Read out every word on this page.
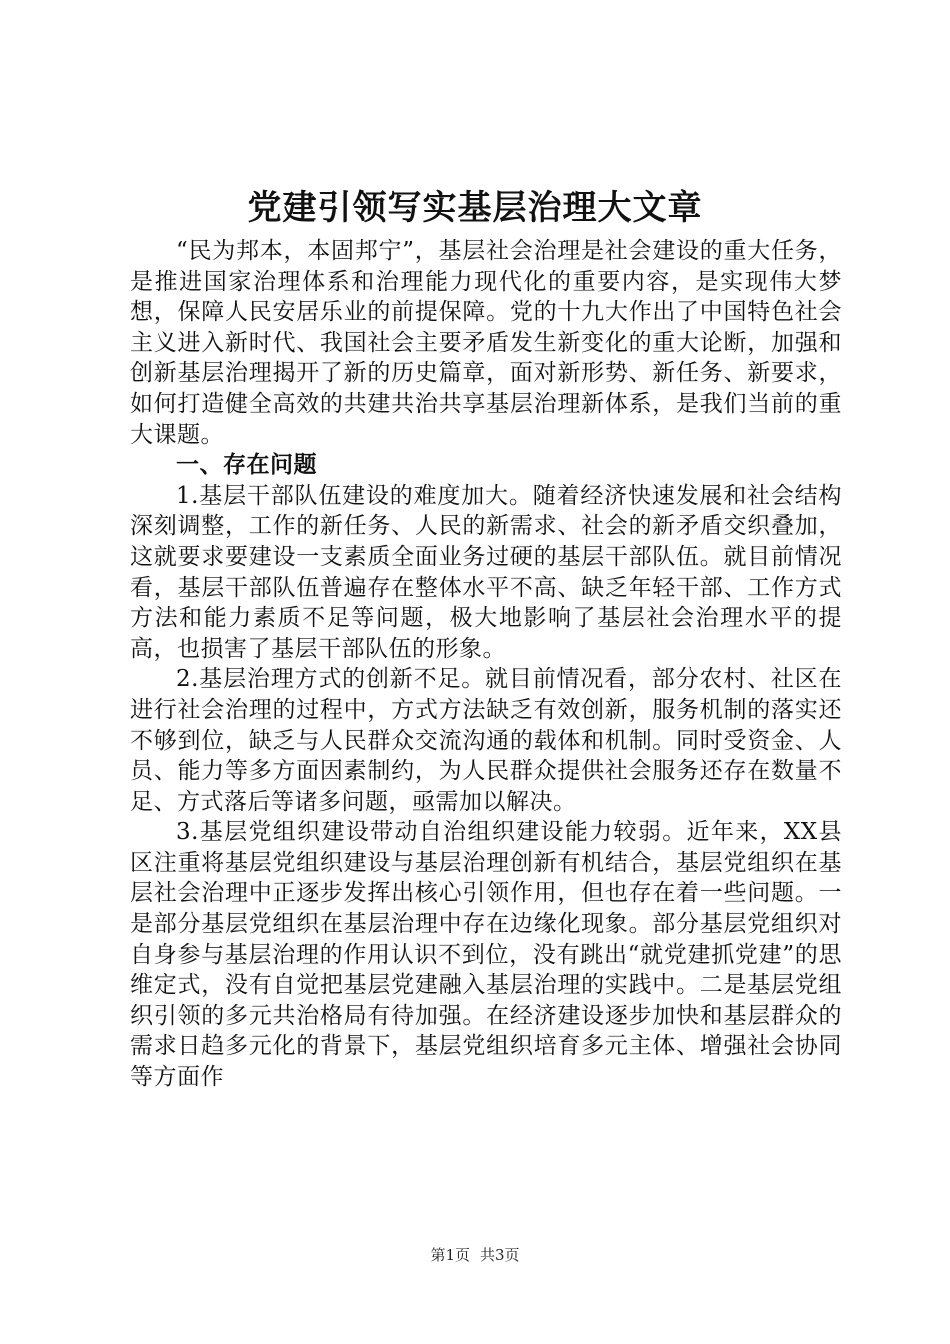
党建引领写实基层治理大文章

“民为邦本，本固邦宁”，基层社会治理是社会建设的重大任务，是推进国家治理体系和治理能力现代化的重要内容，是实现伟大梦想，保障人民安居乐业的前提保障。党的十九大作出了中国特色社会主义进入新时代、我国社会主要矛盾发生新变化的重大论断，加强和创新基层治理揭开了新的历史篇章，面对新形势、新任务、新要求，如何打造健全高效的共建共治共享基层治理新体系，是我们当前的重大课题。

一、存在问题

1.基层干部队伍建设的难度加大。随着经济快速发展和社会结构深刻调整，工作的新任务、人民的新需求、社会的新矛盾交织叠加，这就要求要建设一支素质全面业务过硬的基层干部队伍。就目前情况看，基层干部队伍普遍存在整体水平不高、缺乏年轻干部、工作方式方法和能力素质不足等问题，极大地影响了基层社会治理水平的提高，也损害了基层干部队伍的形象。

2.基层治理方式的创新不足。就目前情况看，部分农村、社区在进行社会治理的过程中，方式方法缺乏有效创新，服务机制的落实还不够到位，缺乏与人民群众交流沟通的载体和机制。同时受资金、人员、能力等多方面因素制约，为人民群众提供社会服务还存在数量不足、方式落后等诸多问题，亟需加以解决。

3.基层党组织建设带动自治组织建设能力较弱。近年来，XX县区注重将基层党组织建设与基层治理创新有机结合，基层党组织在基层社会治理中正逐步发挥出核心引领作用，但也存在着一些问题。一是部分基层党组织在基层治理中存在边缘化现象。部分基层党组织对自身参与基层治理的作用认识不到位，没有跳出“就党建抓党建”的思维定式，没有自觉把基层党建融入基层治理的实践中。二是基层党组织引领的多元共治格局有待加强。在经济建设逐步加快和基层群众的需求日趋多元化的背景下，基层党组织培育多元主体、增强社会协同等方面作

第1页 共3页
